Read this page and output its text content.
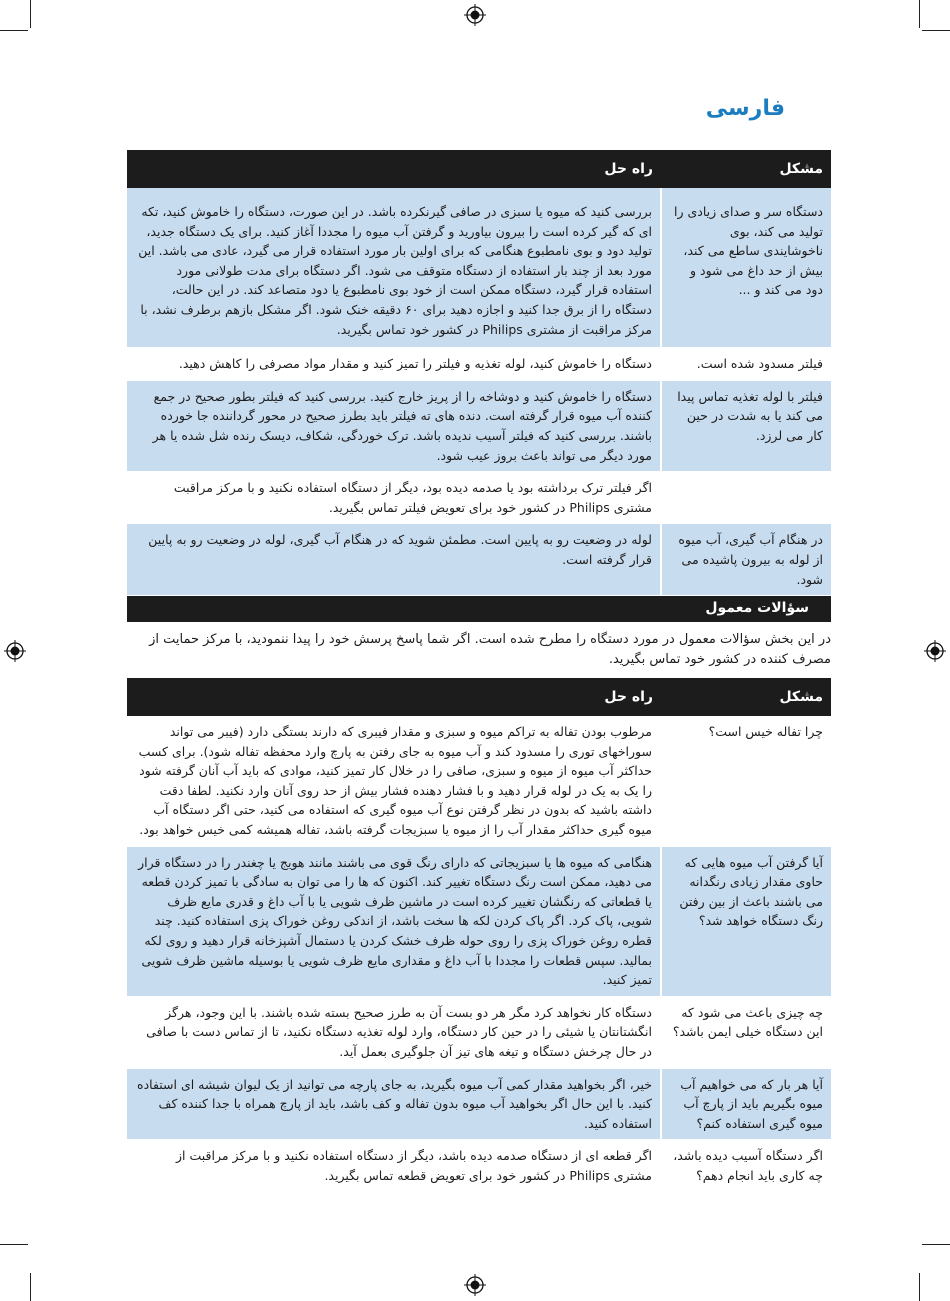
فارسی
مشکل	راه حل
دستگاه سر و صدای زیادی را تولید می کند، بوی ناخوشایندی ساطع می کند، بیش از حد داغ می شود و دود می کند و ...	بررسی کنید که میوه یا سبزی در صافی گیرنکرده باشد. در این صورت، دستگاه را خاموش کنید، تکه ای که گیر کرده است را بیرون بیاورید و گرفتن آب میوه را مجددا آغاز کنید. برای یک دستگاه جدید، تولید دود و بوی نامطبوع هنگامی که برای اولین بار مورد استفاده قرار می گیرد، عادی می باشد. این مورد بعد از چند بار استفاده از دستگاه متوقف می شود. اگر دستگاه برای مدت طولانی مورد استفاده قرار گیرد، دستگاه ممکن است از خود بوی نامطبوع یا دود متصاعد کند. در این حالت، دستگاه را از برق جدا کنید و اجازه دهید برای ۶۰ دقیقه خنک شود. اگر مشکل بازهم برطرف نشد، با مرکز مراقبت از مشتری Philips در کشور خود تماس بگیرید.
فیلتر مسدود شده است.	دستگاه را خاموش کنید، لوله تغذیه و فیلتر را تمیز کنید و مقدار مواد مصرفی را کاهش دهید.
فیلتر با لوله تغذیه تماس پیدا می کند یا به شدت در حین کار می لرزد.	دستگاه را خاموش کنید و دوشاخه را از پریز خارج کنید. بررسی کنید که فیلتر بطور صحیح در جمع کننده آب میوه قرار گرفته است. دنده های ته فیلتر باید بطرز صحیح در محور گرداننده جا خورده باشند. بررسی کنید که فیلتر آسیب ندیده باشد. ترک خوردگی، شکاف، دیسک رنده شل شده یا هر مورد دیگر می تواند باعث بروز عیب شود.
	اگر فیلتر ترک برداشته بود یا صدمه دیده بود، دیگر از دستگاه استفاده نکنید و با مرکز مراقبت مشتری Philips در کشور خود برای تعویض فیلتر تماس بگیرید.
در هنگام آب گیری، آب میوه از لوله به بیرون پاشیده می شود.	لوله در وضعیت رو به پایین است. مطمئن شوید که در هنگام آب گیری، لوله در وضعیت رو به پایین قرار گرفته است.
سؤالات معمول
در این بخش سؤالات معمول در مورد دستگاه را مطرح شده است. اگر شما پاسخ پرسش خود را پیدا ننمودید، با مرکز حمایت از مصرف کننده در کشور خود تماس بگیرید.
مشکل	راه حل
چرا تفاله خیس است؟	مرطوب بودن تفاله به تراکم میوه و سبزی و مقدار فیبری که دارند بستگی دارد (فیبر می تواند سوراخهای توری را مسدود کند و آب میوه به جای رفتن به پارچ وارد محفظه تفاله شود). برای کسب حداکثر آب میوه از میوه و سبزی، صافی را در خلال کار تمیز کنید، موادی که باید آب آنان گرفته شود را یک به یک در لوله قرار دهید و با فشار دهنده فشار بیش از حد روی آنان وارد نکنید. لطفا دقت داشته باشید که بدون در نظر گرفتن نوع آب میوه گیری که استفاده می کنید، حتی اگر دستگاه آب میوه گیری حداکثر مقدار آب را از میوه یا سبزیجات گرفته باشد، تفاله همیشه کمی خیس خواهد بود.
آیا گرفتن آب میوه هایی که حاوی مقدار زیادی رنگدانه می باشند باعث از بین رفتن رنگ دستگاه خواهد شد؟	هنگامی که میوه ها یا سبزیجاتی که دارای رنگ قوی می باشند مانند هویج یا چغندر را در دستگاه قرار می دهید، ممکن است رنگ دستگاه تغییر کند. اکنون که ها را می توان به سادگی با تمیز کردن قطعه یا قطعاتی که رنگشان تغییر کرده است در ماشین ظرف شویی یا با آب داغ و قدری مایع ظرف شویی، پاک کرد. اگر پاک کردن لکه ها سخت باشد، از اندکی روغن خوراک پزی استفاده کنید. چند قطره روغن خوراک پزی را روی حوله ظرف خشک کردن یا دستمال آشپزخانه قرار دهید و روی لکه بمالید. سپس قطعات را مجددا با آب داغ و مقداری مایع ظرف شویی یا بوسیله ماشین ظرف شویی تمیز کنید.
چه چیزی باعث می شود که این دستگاه خیلی ایمن باشد؟	دستگاه کار نخواهد کرد مگر هر دو بست آن به طرز صحیح بسته شده باشند. با این وجود، هرگز انگشتانتان یا شیئی را در حین کار دستگاه، وارد لوله تغذیه دستگاه نکنید، تا از تماس دست با صافی در حال چرخش دستگاه و تیغه های تیز آن جلوگیری بعمل آید.
آیا هر بار که می خواهیم آب میوه بگیریم باید از پارچ آب میوه گیری استفاده کنم؟	خیر، اگر بخواهید مقدار کمی آب میوه بگیرید، به جای پارچه می توانید از یک لیوان شیشه ای استفاده کنید. با این حال اگر بخواهید آب میوه بدون تفاله و کف باشد، باید از پارچ همراه با جدا کننده کف استفاده کنید.
اگر دستگاه آسیب دیده باشد، چه کاری باید انجام دهم؟	اگر قطعه ای از دستگاه صدمه دیده باشد، دیگر از دستگاه استفاده نکنید و با مرکز مراقبت از مشتری Philips در کشور خود برای تعویض قطعه تماس بگیرید.
